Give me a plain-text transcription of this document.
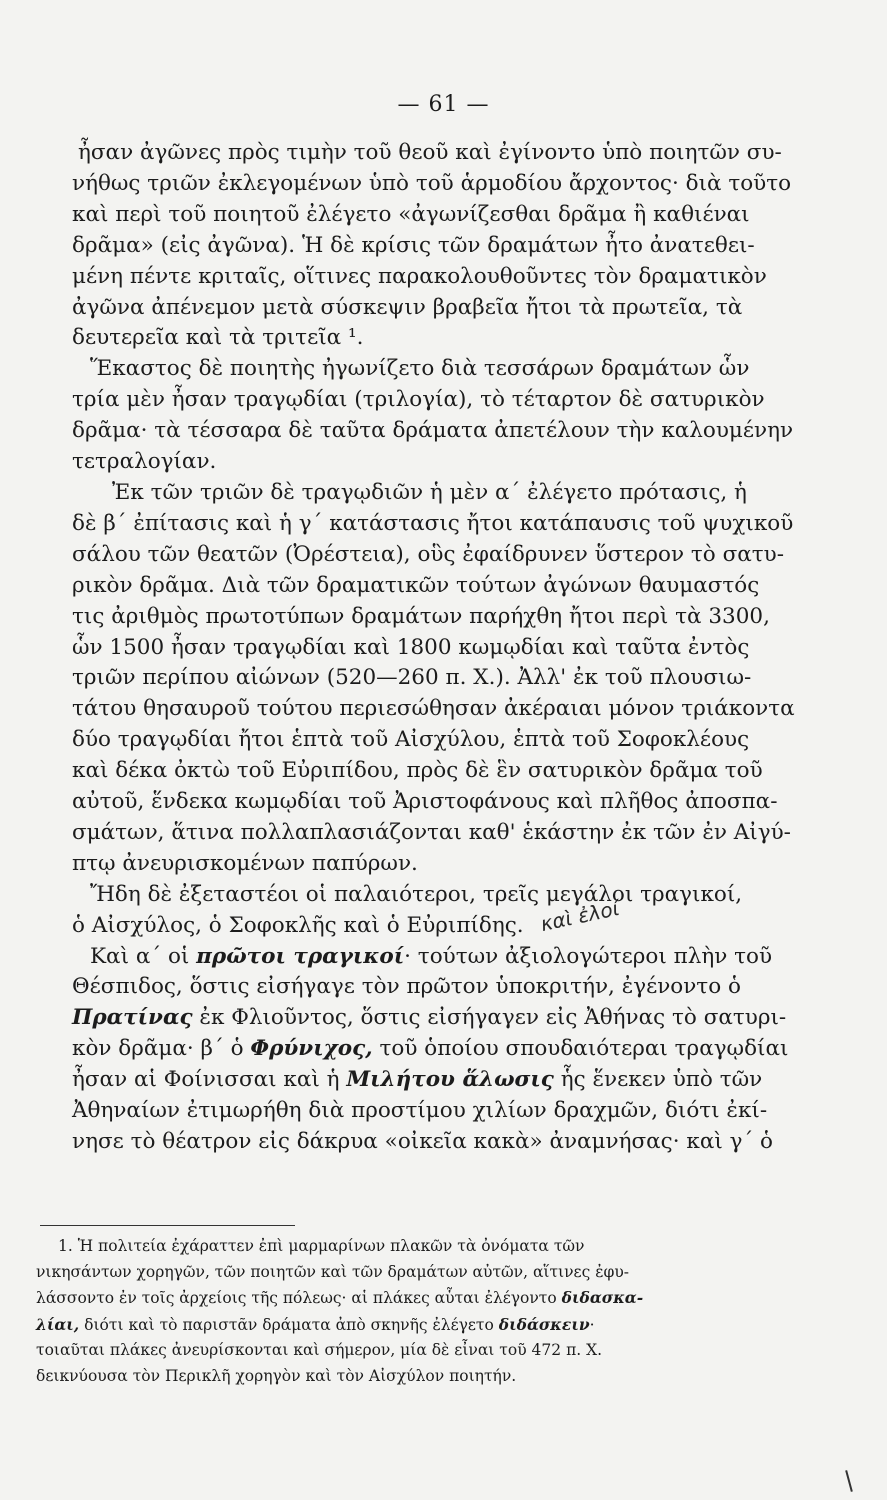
— 61 —
ἦσαν ἀγῶνες πρὸς τιμὴν τοῦ θεοῦ καὶ ἐγίνοντο ὑπὸ ποιητῶν συ-
νήθως τριῶν ἐκλεγομένων ὑπὸ τοῦ ἁρμοδίου ἄρχοντος· διὰ τοῦτο
καὶ περὶ τοῦ ποιητοῦ ἐλέγετο «ἀγωνίζεσθαι δρᾶμα ἢ καθιέναι
δρᾶμα» (εἰς ἀγῶνα). Ἡ δὲ κρίσις τῶν δραμάτων ἦτο ἀνατεθει-
μένη πέντε κριταῖς, οἵτινες παρακολουθοῦντες τὸν δραματικὸν
ἀγῶνα ἀπένεμον μετὰ σύσκεψιν βραβεῖα ἤτοι τὰ πρωτεῖα, τὰ
δευτερεῖα καὶ τὰ τριτεῖα ¹.
Ἕκαστος δὲ ποιητὴς ἠγωνίζετο διὰ τεσσάρων δραμάτων ὧν
τρία μὲν ἦσαν τραγῳδίαι (τριλογία), τὸ τέταρτον δὲ σατυρικὸν
δρᾶμα· τὰ τέσσαρα δὲ ταῦτα δράματα ἀπετέλουν τὴν καλουμένην
τετραλογίαν.
Ἐκ τῶν τριῶν δὲ τραγῳδιῶν ἡ μὲν α΄ ἐλέγετο πρότασις, ἡ
δὲ β΄ ἐπίτασις καὶ ἡ γ΄ κατάστασις ἤτοι κατάπαυσις τοῦ ψυχικοῦ
σάλου τῶν θεατῶν (Ὀρέστεια), οὓς ἐφαίδρυνεν ὕστερον τὸ σατυ-
ρικὸν δρᾶμα. Διὰ τῶν δραματικῶν τούτων ἀγώνων θαυμαστός
τις ἀριθμὸς πρωτοτύπων δραμάτων παρήχθη ἤτοι περὶ τὰ 3300,
ὧν 1500 ἦσαν τραγῳδίαι καὶ 1800 κωμῳδίαι καὶ ταῦτα ἐντὸς
τριῶν περίπου αἰώνων (520—260 π. Χ.). Ἀλλ' ἐκ τοῦ πλουσιω-
τάτου θησαυροῦ τούτου περιεσώθησαν ἀκέραιαι μόνον τριάκοντα
δύο τραγῳδίαι ἤτοι ἑπτὰ τοῦ Αἰσχύλου, ἑπτὰ τοῦ Σοφοκλέους
καὶ δέκα ὀκτὼ τοῦ Εὐριπίδου, πρὸς δὲ ἓν σατυρικὸν δρᾶμα τοῦ
αὐτοῦ, ἕνδεκα κωμῳδίαι τοῦ Ἀριστοφάνους καὶ πλῆθος ἀποσπα-
σμάτων, ἅτινα πολλαπλασιάζονται καθ' ἑκάστην ἐκ τῶν ἐν Αἰγύ-
πτῳ ἀνευρισκομένων παπύρων.
Ἤδη δὲ ἐξεταστέοι οἱ παλαιότεροι, τρεῖς μεγάλοι τραγικοί,
ὁ Αἰσχύλος, ὁ Σοφοκλῆς καὶ ὁ Εὐριπίδης.
Καὶ α΄ οἱ πρῶτοι τραγικοί· τούτων ἀξιολογώτεροι πλὴν τοῦ
Θέσπιδος, ὅστις εἰσήγαγε τὸν πρῶτον ὑποκριτήν, ἐγένοντο ὁ
Πρατίνας ἐκ Φλιοῦντος, ὅστις εἰσήγαγεν εἰς Ἀθήνας τὸ σατυρι-
κὸν δρᾶμα· β΄ ὁ Φρύνιχος, τοῦ ὁποίου σπουδαιότεραι τραγῳδίαι
ἦσαν αἱ Φοίνισσαι καὶ ἡ Μιλήτου ἅλωσις ἧς ἕνεκεν ὑπὸ τῶν
Ἀθηναίων ἐτιμωρήθη διὰ προστίμου χιλίων δραχμῶν, διότι ἐκί-
νησε τὸ θέατρον εἰς δάκρυα «οἰκεῖα κακὰ» ἀναμνήσας· καὶ γ΄ ὁ
καὶ ἐλοί
1. Ἡ πολιτεία ἐχάραττεν ἐπὶ μαρμαρίνων πλακῶν τὰ ὀνόματα τῶν
νικησάντων χορηγῶν, τῶν ποιητῶν καὶ τῶν δραμάτων αὐτῶν, αἵτινες ἐφυ-
λάσσοντο ἐν τοῖς ἀρχείοις τῆς πόλεως· αἱ πλάκες αὗται ἐλέγοντο διδασκα-
λίαι, διότι καὶ τὸ παριστᾶν δράματα ἀπὸ σκηνῆς ἐλέγετο διδάσκειν·
τοιαῦται πλάκες ἀνευρίσκονται καὶ σήμερον, μία δὲ εἶναι τοῦ 472 π. Χ.
δεικνύουσα τὸν Περικλῆ χορηγὸν καὶ τὸν Αἰσχύλον ποιητήν.
